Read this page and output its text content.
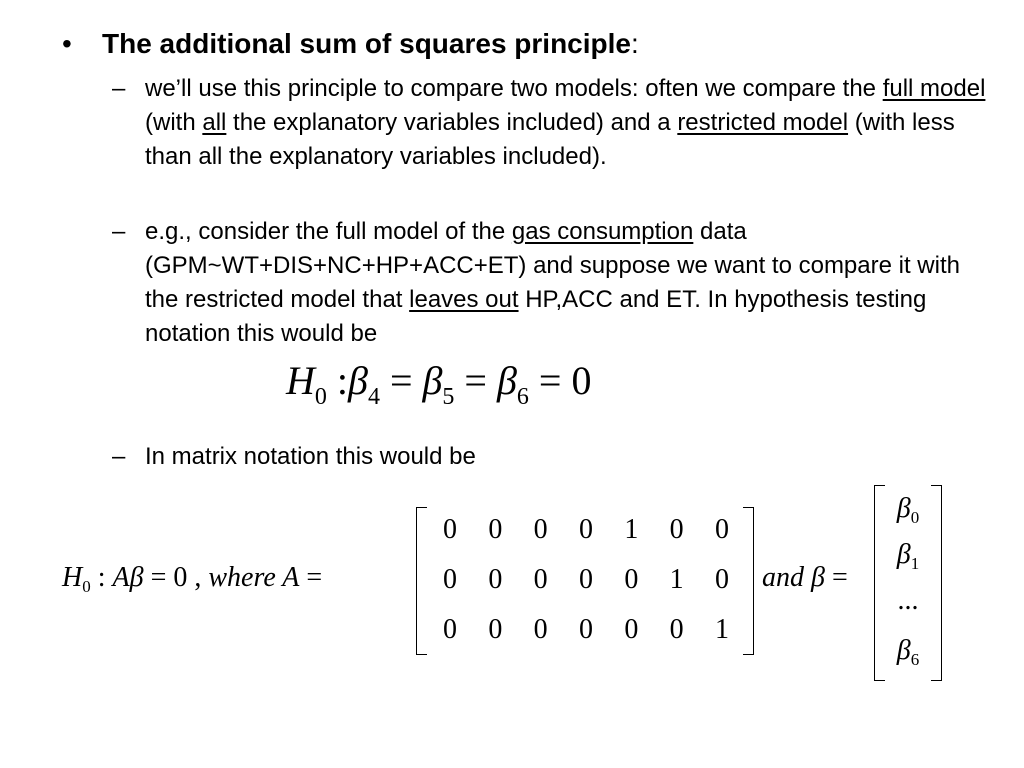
• The additional sum of squares principle:
– we’ll use this principle to compare two models: often we compare the full model (with all the explanatory variables included) and a restricted model (with less than all the explanatory variables included).
– e.g., consider the full model of the gas consumption data (GPM~WT+DIS+NC+HP+ACC+ET) and suppose we want to compare it with the restricted model that leaves out HP,ACC and ET. In hypothesis testing notation this would be
$H_0$ $:\beta_4 = \beta_5 = \beta_6 = 0$
– In matrix notation this would be
$H_0$ : Aβ = 0 , where A =
0	0	0	0	1	0	0
0	0	0	0	0	1	0
0	0	0	0	0	0	1
and β =
$\beta_0$
$\beta_1$
...
$\beta_6$
